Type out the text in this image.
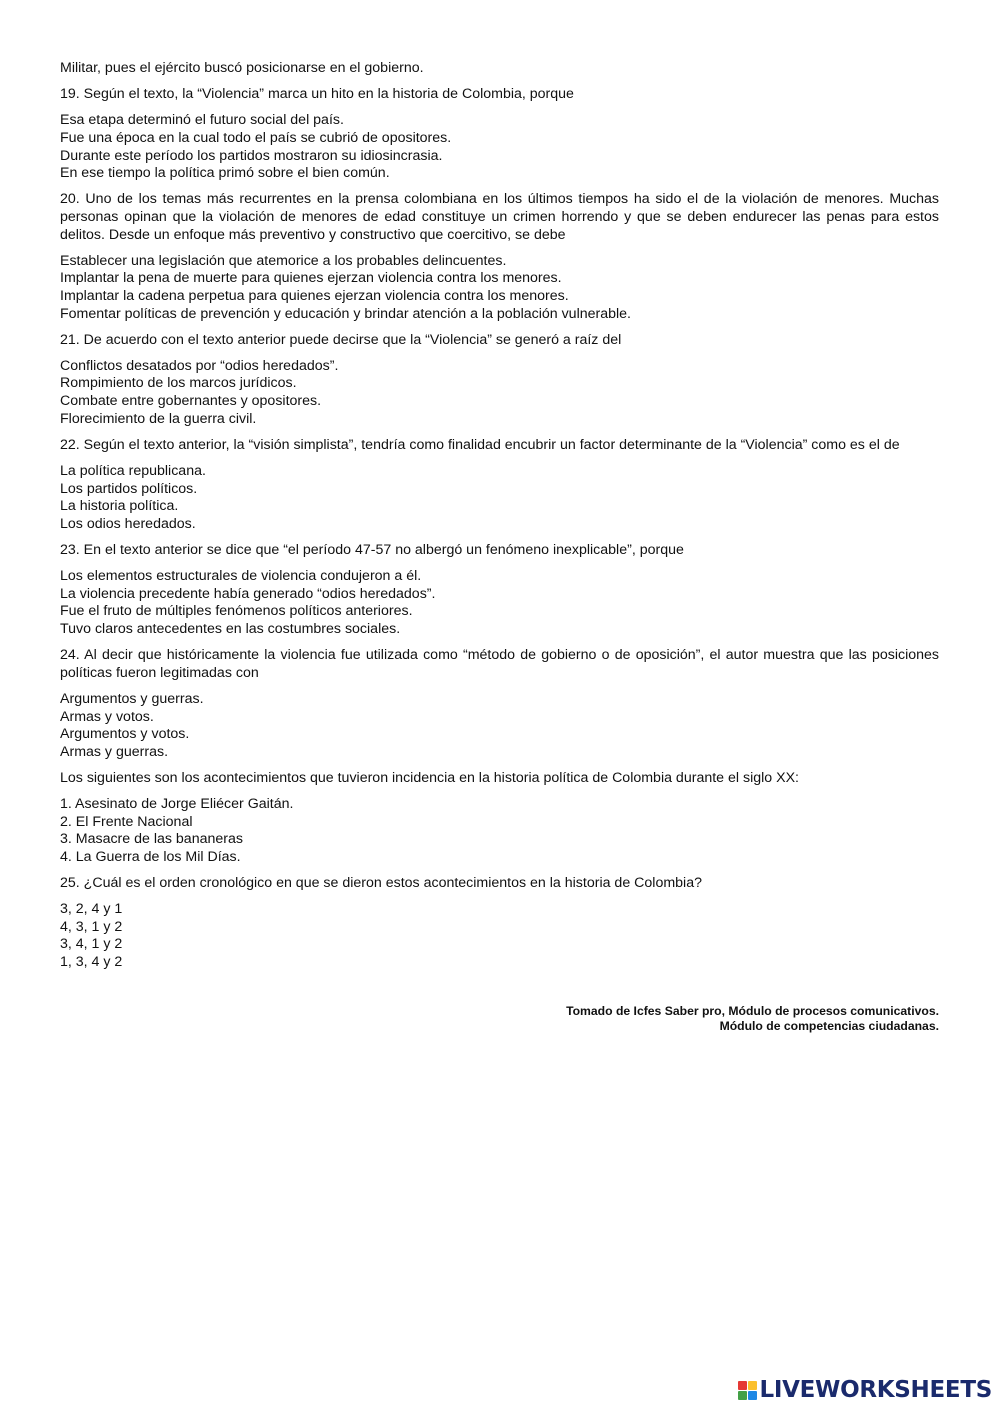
Militar, pues el ejército buscó posicionarse en el gobierno.

19. Según el texto, la “Violencia” marca un hito en la historia de Colombia, porque

Esa etapa determinó el futuro social del país.
Fue una época en la cual todo el país se cubrió de opositores.
Durante este período los partidos mostraron su idiosincrasia.
En ese tiempo la política primó sobre el bien común.

20. Uno de los temas más recurrentes en la prensa colombiana en los últimos tiempos ha sido el de la violación de menores. Muchas personas opinan que la violación de menores de edad constituye un crimen horrendo y que se deben endurecer las penas para estos delitos. Desde un enfoque más preventivo y constructivo que coercitivo, se debe

Establecer una legislación que atemorice a los probables delincuentes.
Implantar la pena de muerte para quienes ejerzan violencia contra los menores.
Implantar la cadena perpetua para quienes ejerzan violencia contra los menores.
Fomentar políticas de prevención y educación y brindar atención a la población vulnerable.

21. De acuerdo con el texto anterior puede decirse que la “Violencia” se generó a raíz del

Conflictos desatados por “odios heredados”.
Rompimiento de los marcos jurídicos.
Combate entre gobernantes y opositores.
Florecimiento de la guerra civil.

22. Según el texto anterior, la “visión simplista”, tendría como finalidad encubrir un factor determinante de la “Violencia” como es el de

La política republicana.
Los partidos políticos.
La historia política.
Los odios heredados.

23. En el texto anterior se dice que “el período 47-57 no albergó un fenómeno inexplicable”, porque

Los elementos estructurales de violencia condujeron a él.
La violencia precedente había generado “odios heredados”.
Fue el fruto de múltiples fenómenos políticos anteriores.
Tuvo claros antecedentes en las costumbres sociales.

24. Al decir que históricamente la violencia fue utilizada como “método de gobierno o de oposición”, el autor muestra que las posiciones políticas fueron legitimadas con

Argumentos y guerras.
Armas y votos.
Argumentos y votos.
Armas y guerras.

Los siguientes son los acontecimientos que tuvieron incidencia en la historia política de Colombia durante el siglo XX:

1. Asesinato de Jorge Eliécer Gaitán.
2. El Frente Nacional
3. Masacre de las bananeras
4. La Guerra de los Mil Días.

25. ¿Cuál es el orden cronológico en que se dieron estos acontecimientos en la historia de Colombia?

3, 2, 4 y 1
4, 3, 1 y 2
3, 4, 1 y 2
1, 3, 4 y 2
Tomado de Icfes Saber pro, Módulo de procesos comunicativos.
Módulo de competencias ciudadanas.
LIVEWORKSHEETS
